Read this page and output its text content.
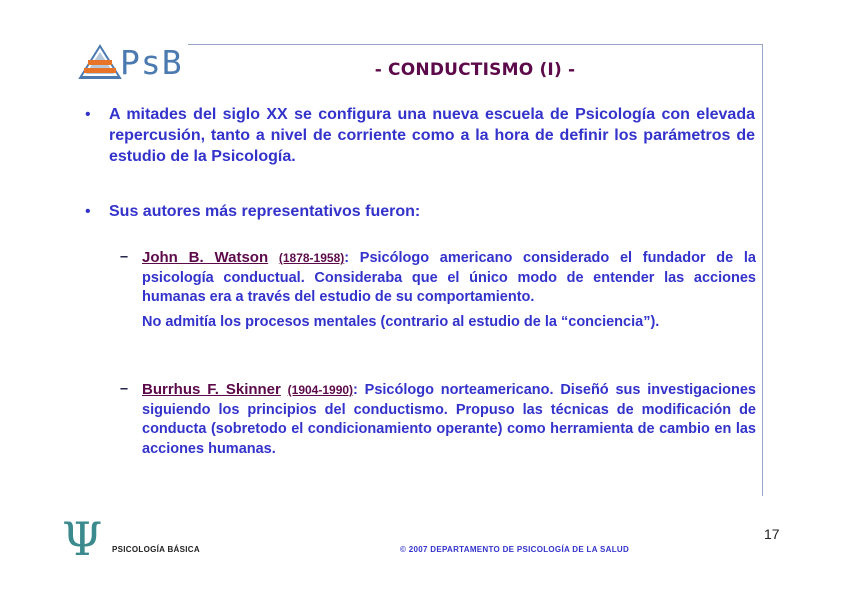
PsB	- CONDUCTISMO (I) -
• A mitades del siglo XX se configura una nueva escuela de Psicología con elevada repercusión, tanto a nivel de corriente como a la hora de definir los parámetros de estudio de la Psicología.
• Sus autores más representativos fueron:
– John B. Watson (1878-1958): Psicólogo americano considerado el fundador de la psicología conductual. Consideraba que el único modo de entender las acciones humanas era a través del estudio de su comportamiento.
No admitía los procesos mentales (contrario al estudio de la “conciencia”).
– Burrhus F. Skinner (1904-1990): Psicólogo norteamericano. Diseñó sus investigaciones siguiendo los principios del conductismo. Propuso las técnicas de modificación de conducta (sobretodo el condicionamiento operante) como herramienta de cambio en las acciones humanas.
17
Ψ PSICOLOGÍA BÁSICA	© 2007 DEPARTAMENTO DE PSICOLOGÍA DE LA SALUD
